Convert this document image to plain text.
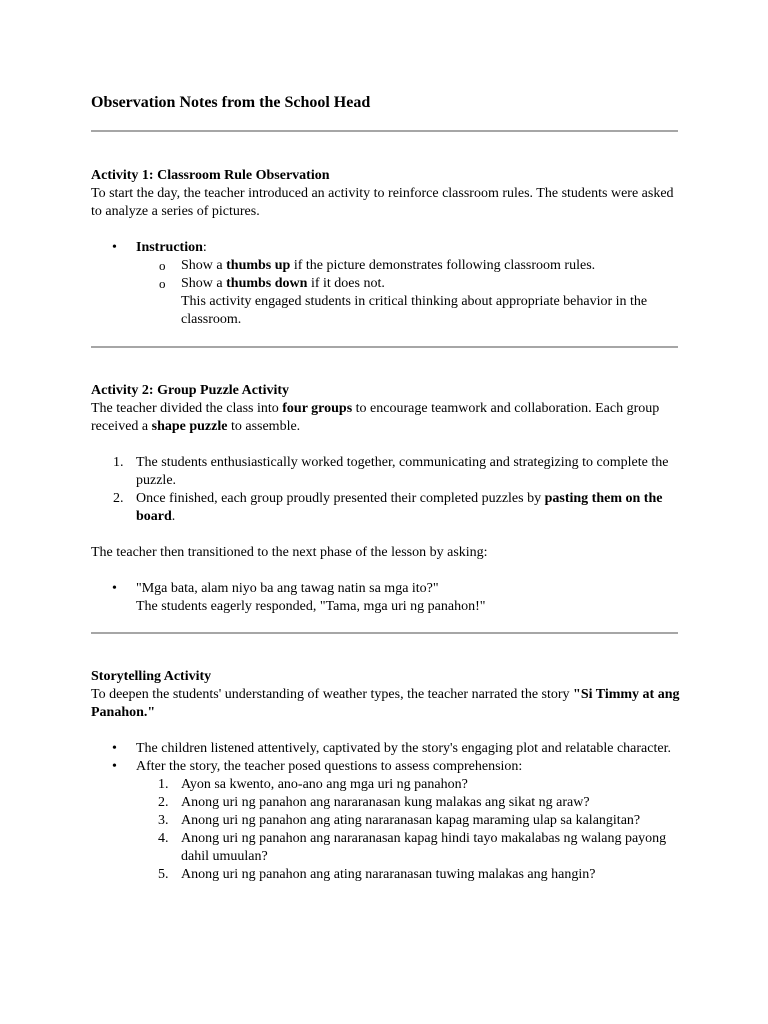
Observation Notes from the School Head

Activity 1: Classroom Rule Observation

To start the day, the teacher introduced an activity to reinforce classroom rules. The students were asked to analyze a series of pictures.

•	Instruction:
o Show a thumbs up if the picture demonstrates following classroom rules.
o Show a thumbs down if it does not.
This activity engaged students in critical thinking about appropriate behavior in the classroom.

Activity 2: Group Puzzle Activity

The teacher divided the class into four groups to encourage teamwork and collaboration. Each group received a shape puzzle to assemble.

1. The students enthusiastically worked together, communicating and strategizing to complete the puzzle.
2. Once finished, each group proudly presented their completed puzzles by pasting them on the board.

The teacher then transitioned to the next phase of the lesson by asking:

•	"Mga bata, alam niyo ba ang tawag natin sa mga ito?"
The students eagerly responded, "Tama, mga uri ng panahon!"

Storytelling Activity

To deepen the students' understanding of weather types, the teacher narrated the story "Si Timmy at ang Panahon."

•	The children listened attentively, captivated by the story's engaging plot and relatable character.
•	After the story, the teacher posed questions to assess comprehension:
1. Ayon sa kwento, ano-ano ang mga uri ng panahon?
2. Anong uri ng panahon ang nararanasan kung malakas ang sikat ng araw?
3. Anong uri ng panahon ang ating nararanasan kapag maraming ulap sa kalangitan?
4. Anong uri ng panahon ang nararanasan kapag hindi tayo makalabas ng walang payong dahil umuulan?
5. Anong uri ng panahon ang ating nararanasan tuwing malakas ang hangin?
